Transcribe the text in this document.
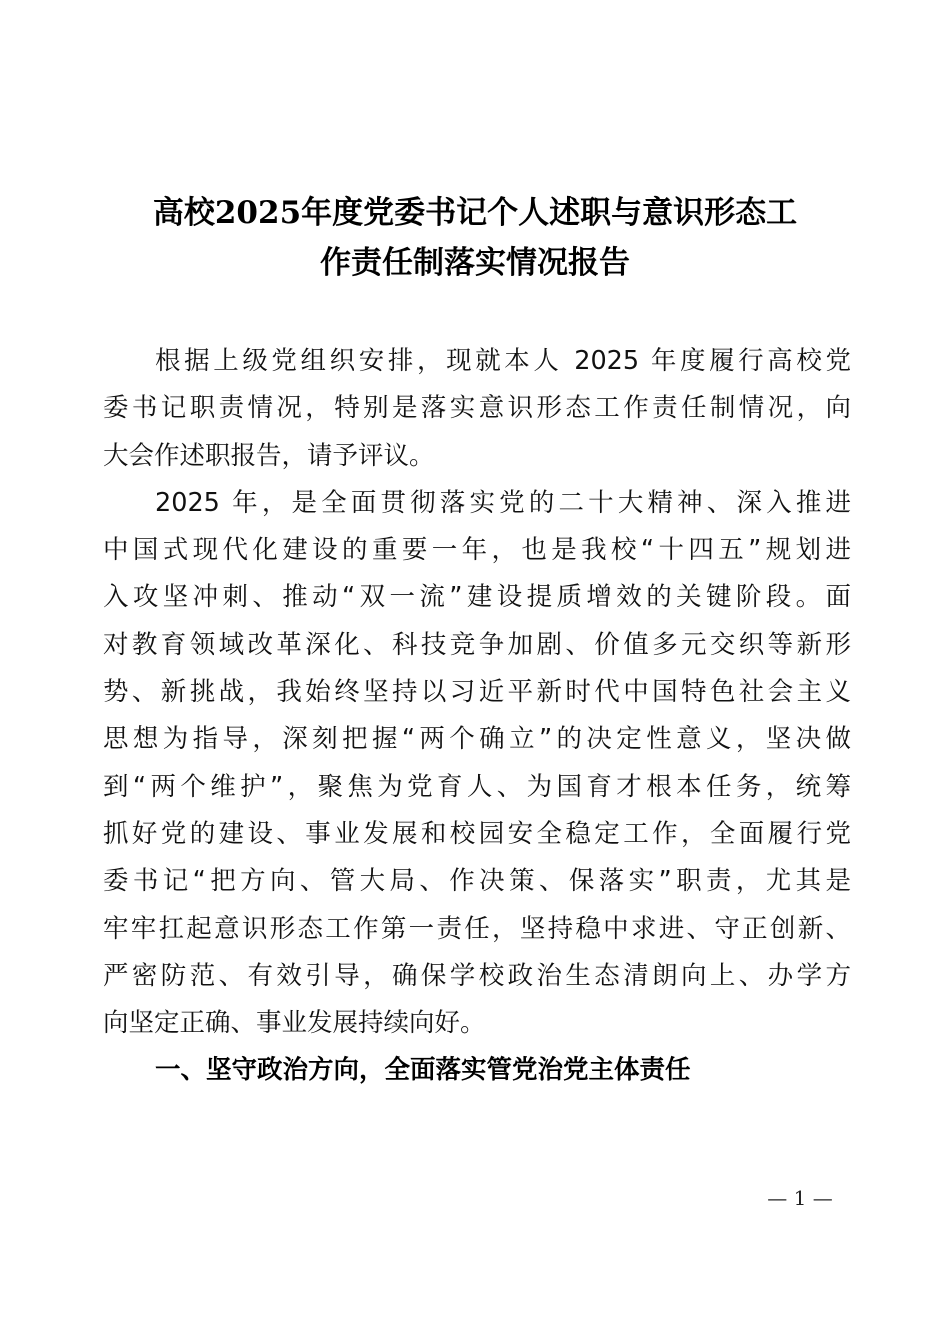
高校2025年度党委书记个人述职与意识形态工
作责任制落实情况报告
根据上级党组织安排，现就本人 2025 年度履行高校党
委书记职责情况，特别是落实意识形态工作责任制情况，向
大会作述职报告，请予评议。
2025 年，是全面贯彻落实党的二十大精神、深入推进
中国式现代化建设的重要一年，也是我校“十四五”规划进
入攻坚冲刺、推动“双一流”建设提质增效的关键阶段。面
对教育领域改革深化、科技竞争加剧、价值多元交织等新形
势、新挑战，我始终坚持以习近平新时代中国特色社会主义
思想为指导，深刻把握“两个确立”的决定性意义，坚决做
到“两个维护”，聚焦为党育人、为国育才根本任务，统筹
抓好党的建设、事业发展和校园安全稳定工作，全面履行党
委书记“把方向、管大局、作决策、保落实”职责，尤其是
牢牢扛起意识形态工作第一责任，坚持稳中求进、守正创新、
严密防范、有效引导，确保学校政治生态清朗向上、办学方
向坚定正确、事业发展持续向好。
一、坚守政治方向，全面落实管党治党主体责任
— 1 —
